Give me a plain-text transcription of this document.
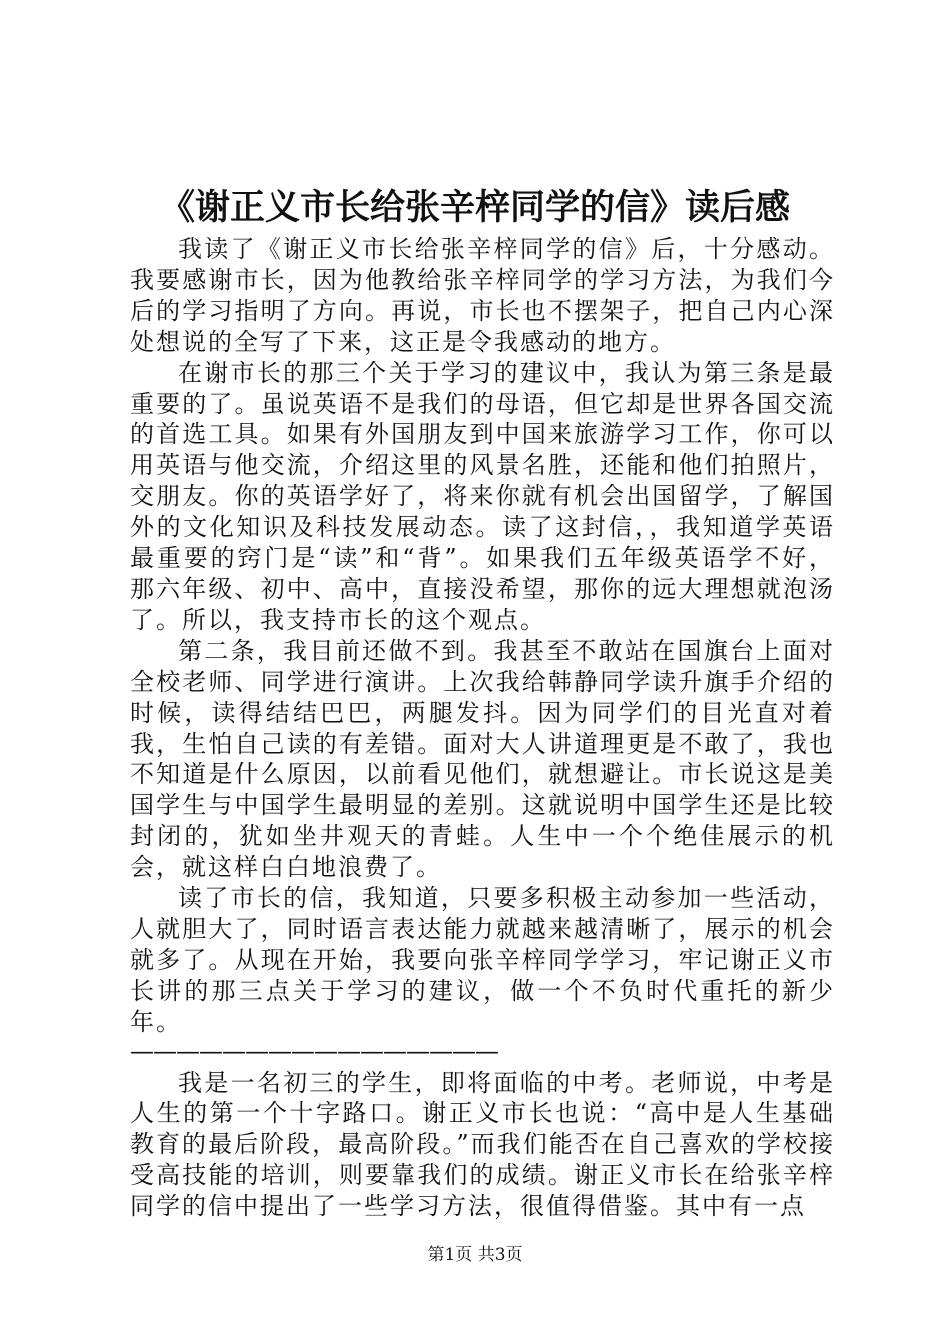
《谢正义市长给张辛梓同学的信》读后感

我读了《谢正义市长给张辛梓同学的信》后，十分感动。我要感谢市长，因为他教给张辛梓同学的学习方法，为我们今后的学习指明了方向。再说，市长也不摆架子，把自己内心深处想说的全写了下来，这正是令我感动的地方。

在谢市长的那三个关于学习的建议中，我认为第三条是最重要的了。虽说英语不是我们的母语，但它却是世界各国交流的首选工具。如果有外国朋友到中国来旅游学习工作，你可以用英语与他交流，介绍这里的风景名胜，还能和他们拍照片，交朋友。你的英语学好了，将来你就有机会出国留学，了解国外的文化知识及科技发展动态。读了这封信，，我知道学英语最重要的窍门是“读”和“背”。如果我们五年级英语学不好，那六年级、初中、高中，直接没希望，那你的远大理想就泡汤了。所以，我支持市长的这个观点。

第二条，我目前还做不到。我甚至不敢站在国旗台上面对全校老师、同学进行演讲。上次我给韩静同学读升旗手介绍的时候，读得结结巴巴，两腿发抖。因为同学们的目光直对着我，生怕自己读的有差错。面对大人讲道理更是不敢了，我也不知道是什么原因，以前看见他们，就想避让。市长说这是美国学生与中国学生最明显的差别。这就说明中国学生还是比较封闭的，犹如坐井观天的青蛙。人生中一个个绝佳展示的机会，就这样白白地浪费了。

读了市长的信，我知道，只要多积极主动参加一些活动，人就胆大了，同时语言表达能力就越来越清晰了，展示的机会就多了。从现在开始，我要向张辛梓同学学习，牢记谢正义市长讲的那三点关于学习的建议，做一个不负时代重托的新少年。

————————————————

我是一名初三的学生，即将面临的中考。老师说，中考是人生的第一个十字路口。谢正义市长也说：“高中是人生基础教育的最后阶段，最高阶段。”而我们能否在自己喜欢的学校接受高技能的培训，则要靠我们的成绩。谢正义市长在给张辛梓同学的信中提出了一些学习方法，很值得借鉴。其中有一点

第1页 共3页
